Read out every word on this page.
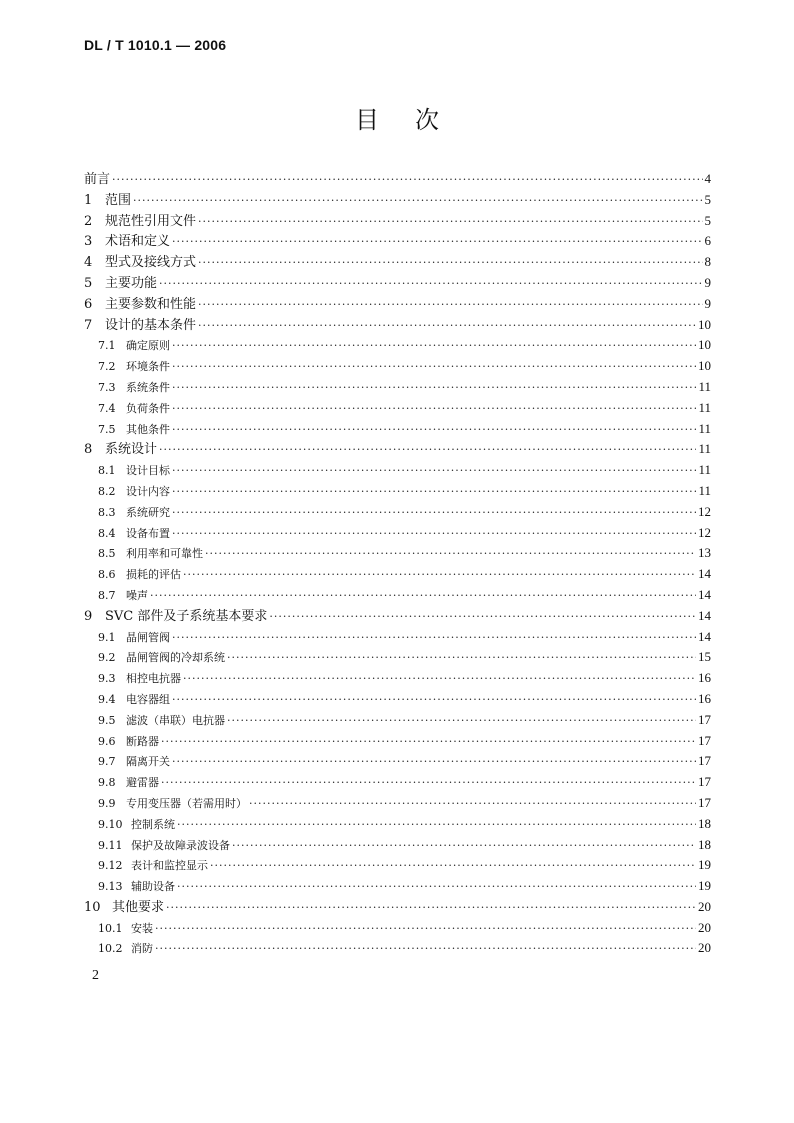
DL / T 1010.1 — 2006
目次
前言 ·····	4
1 范围 ·····	5
2 规范性引用文件 ·····	5
3 术语和定义 ·····	6
4 型式及接线方式 ·····	8
5 主要功能 ·····	9
6 主要参数和性能 ·····	9
7 设计的基本条件 ·····	10
7.1 确定原则 ·····	10
7.2 环境条件 ·····	10
7.3 系统条件 ·····	11
7.4 负荷条件 ·····	11
7.5 其他条件 ·····	11
8 系统设计 ·····	11
8.1 设计目标 ·····	11
8.2 设计内容 ·····	11
8.3 系统研究 ·····	12
8.4 设备布置 ·····	12
8.5 利用率和可靠性 ·····	13
8.6 损耗的评估 ·····	14
8.7 噪声 ·····	14
9 SVC 部件及子系统基本要求 ·····	14
9.1 晶闸管阀 ·····	14
9.2 晶闸管阀的冷却系统 ·····	15
9.3 相控电抗器 ·····	16
9.4 电容器组 ·····	16
9.5 滤波（串联）电抗器 ·····	17
9.6 断路器 ·····	17
9.7 隔离开关 ·····	17
9.8 避雷器 ·····	17
9.9 专用变压器（若需用时） ·····	17
9.10 控制系统 ·····	18
9.11 保护及故障录波设备 ·····	18
9.12 表计和监控显示 ·····	19
9.13 辅助设备 ·····	19
10 其他要求 ·····	20
10.1 安装 ·····	20
10.2 消防 ·····	20
2
